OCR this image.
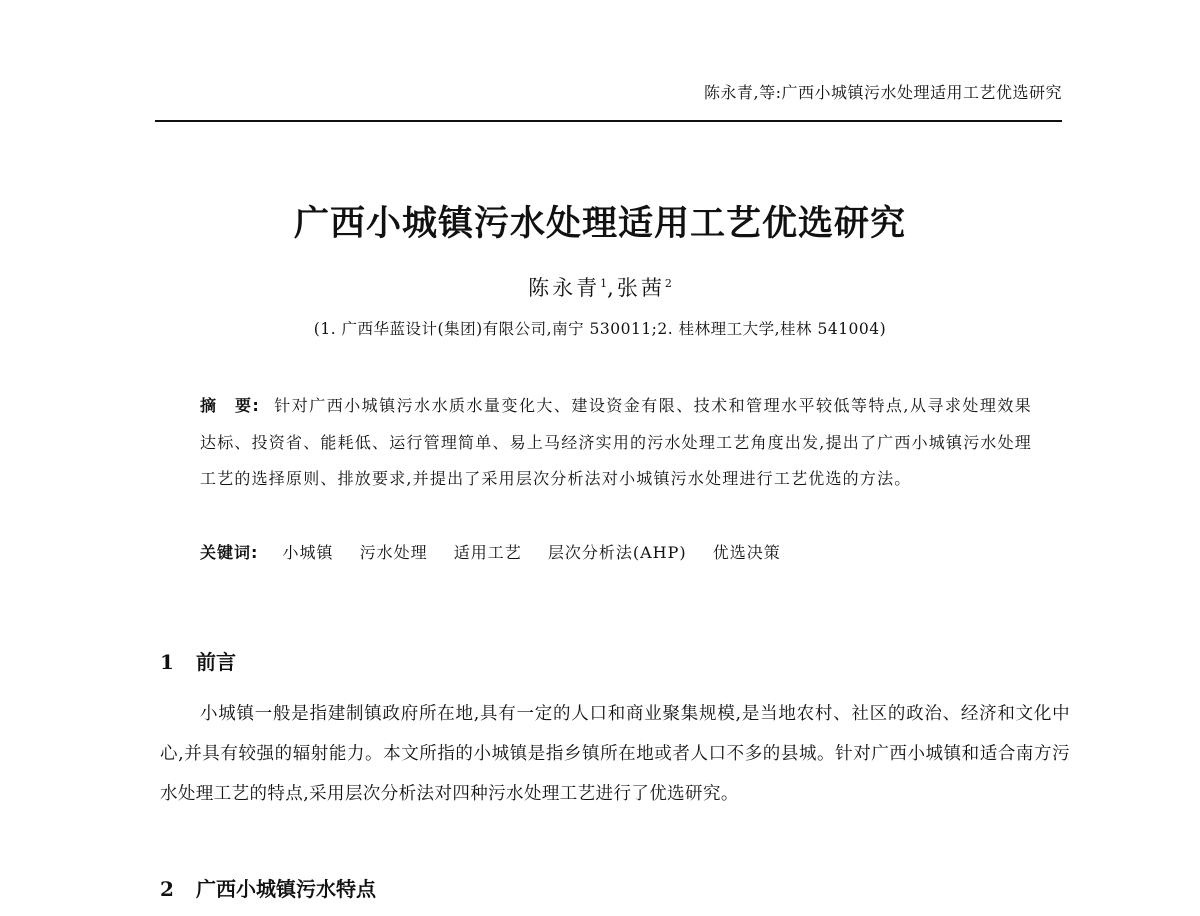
陈永青,等:广西小城镇污水处理适用工艺优选研究
广西小城镇污水处理适用工艺优选研究
陈永青$^1$,张茜$^2$
(1. 广西华蓝设计(集团)有限公司,南宁 530011;2. 桂林理工大学,桂林 541004)
摘　要: 针对广西小城镇污水水质水量变化大、建设资金有限、技术和管理水平较低等特点,从寻求处理效果达标、投资省、能耗低、运行管理简单、易上马经济实用的污水处理工艺角度出发,提出了广西小城镇污水处理工艺的选择原则、排放要求,并提出了采用层次分析法对小城镇污水处理进行工艺优选的方法。
关键词: 小城镇 污水处理 适用工艺 层次分析法(AHP) 优选决策
1 前言

小城镇一般是指建制镇政府所在地,具有一定的人口和商业聚集规模,是当地农村、社区的政治、经济和文化中心,并具有较强的辐射能力。本文所指的小城镇是指乡镇所在地或者人口不多的县城。针对广西小城镇和适合南方污水处理工艺的特点,采用层次分析法对四种污水处理工艺进行了优选研究。

2 广西小城镇污水特点
